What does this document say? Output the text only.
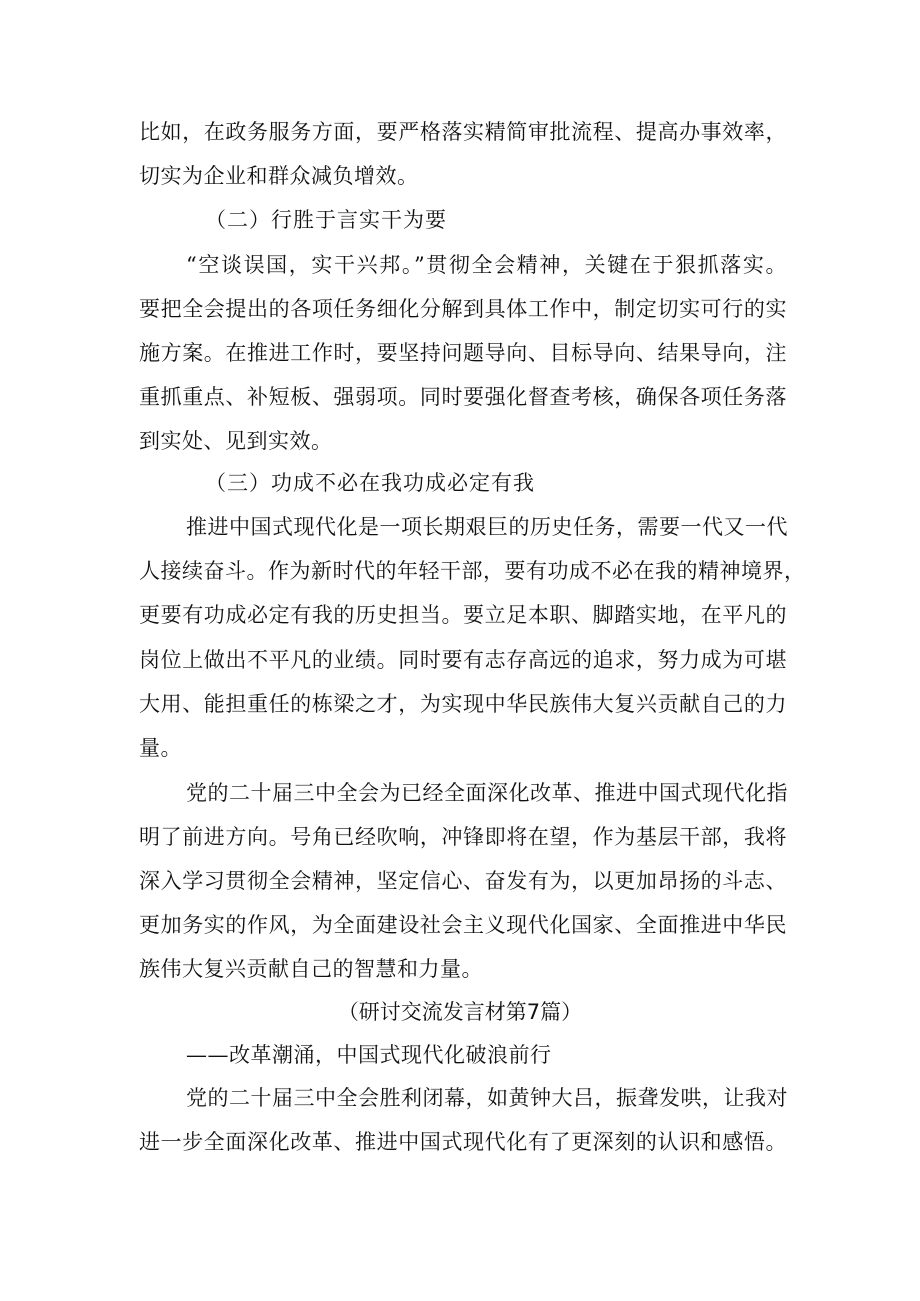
比如，在政务服务方面，要严格落实精简审批流程、提高办事效率，

切实为企业和群众减负增效。

（二）行胜于言实干为要

“空谈误国，实干兴邦。”贯彻全会精神，关键在于狠抓落实。

要把全会提出的各项任务细化分解到具体工作中，制定切实可行的实

施方案。在推进工作时，要坚持问题导向、目标导向、结果导向，注

重抓重点、补短板、强弱项。同时要强化督查考核，确保各项任务落

到实处、见到实效。

（三）功成不必在我功成必定有我

推进中国式现代化是一项长期艰巨的历史任务，需要一代又一代

人接续奋斗。作为新时代的年轻干部，要有功成不必在我的精神境界，

更要有功成必定有我的历史担当。要立足本职、脚踏实地，在平凡的

岗位上做出不平凡的业绩。同时要有志存高远的追求，努力成为可堪

大用、能担重任的栋梁之才，为实现中华民族伟大复兴贡献自己的力

量。

党的二十届三中全会为已经全面深化改革、推进中国式现代化指

明了前进方向。号角已经吹响，冲锋即将在望，作为基层干部，我将

深入学习贯彻全会精神，坚定信心、奋发有为，以更加昂扬的斗志、

更加务实的作风，为全面建设社会主义现代化国家、全面推进中华民

族伟大复兴贡献自己的智慧和力量。

（研讨交流发言材第7篇）

——改革潮涌，中国式现代化破浪前行

党的二十届三中全会胜利闭幕，如黄钟大吕，振聋发哄，让我对

进一步全面深化改革、推进中国式现代化有了更深刻的认识和感悟。
